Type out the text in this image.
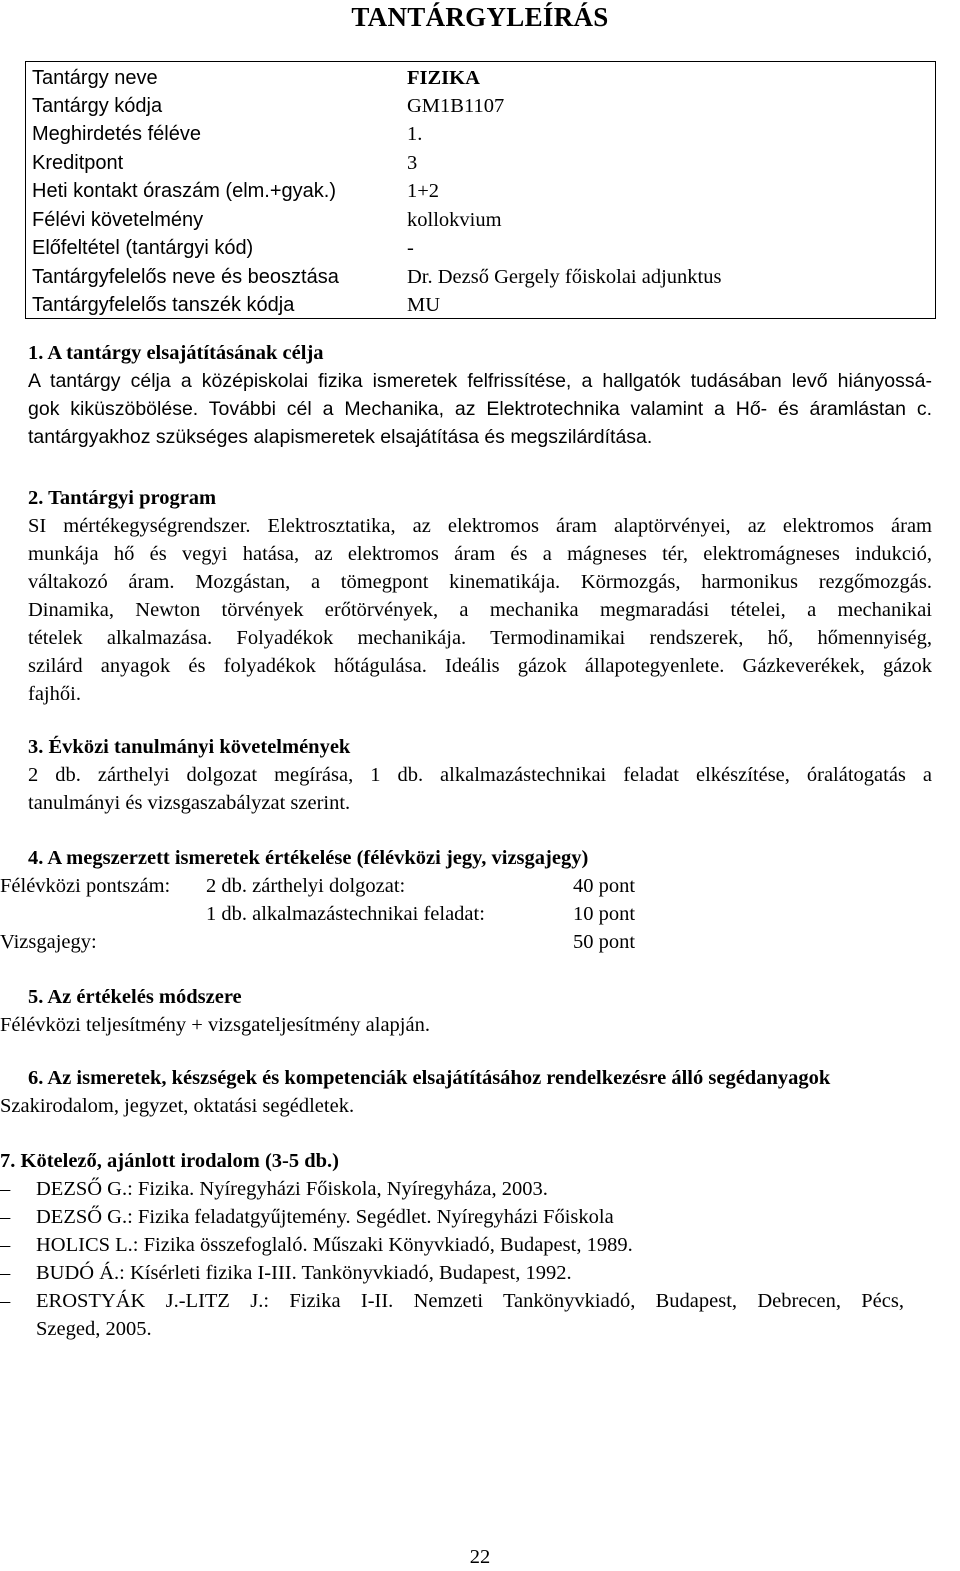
TANTÁRGYLEÍRÁS
Tantárgy neve	FIZIKA
Tantárgy kódja	GM1B1107
Meghirdetés féléve	1.
Kreditpont	3
Heti kontakt óraszám (elm.+gyak.)	1+2
Félévi követelmény	kollokvium
Előfeltétel (tantárgyi kód)	-
Tantárgyfelelős neve és beosztása	Dr. Dezső Gergely főiskolai adjunktus
Tantárgyfelelős tanszék kódja	MU
1. A tantárgy elsajátításának célja
A tantárgy célja a középiskolai fizika ismeretek felfrissítése, a hallgatók tudásában levő hiányossá-
gok kiküszöbölése. További cél a Mechanika, az Elektrotechnika valamint a Hő- és áramlástan c.
tantárgyakhoz szükséges alapismeretek elsajátítása és megszilárdítása.
2. Tantárgyi program
SI mértékegységrendszer. Elektrosztatika, az elektromos áram alaptörvényei, az elektromos áram
munkája hő és vegyi hatása, az elektromos áram és a mágneses tér, elektromágneses indukció,
váltakozó áram. Mozgástan, a tömegpont kinematikája. Körmozgás, harmonikus rezgőmozgás.
Dinamika, Newton törvények erőtörvények, a mechanika megmaradási tételei, a mechanikai
tételek alkalmazása. Folyadékok mechanikája. Termodinamikai rendszerek, hő, hőmennyiség,
szilárd anyagok és folyadékok hőtágulása. Ideális gázok állapotegyenlete. Gázkeverékek, gázok
fajhői.
3. Évközi tanulmányi követelmények
2 db. zárthelyi dolgozat megírása, 1 db. alkalmazástechnikai feladat elkészítése, óralátogatás a
tanulmányi és vizsgaszabályzat szerint.
4. A megszerzett ismeretek értékelése (félévközi jegy, vizsgajegy)
Félévközi pontszám: 2 db. zárthelyi dolgozat:	40 pont
1 db. alkalmazástechnikai feladat:	10 pont
Vizsgajegy:	50 pont
5. Az értékelés módszere
Félévközi teljesítmény + vizsgateljesítmény alapján.
6. Az ismeretek, készségek és kompetenciák elsajátításához rendelkezésre álló segédanyagok
Szakirodalom, jegyzet, oktatási segédletek.
7. Kötelező, ajánlott irodalom (3-5 db.)
–	DEZSŐ G.: Fizika. Nyíregyházi Főiskola, Nyíregyháza, 2003.
–	DEZSŐ G.: Fizika feladatgyűjtemény. Segédlet. Nyíregyházi Főiskola
–	HOLICS L.: Fizika összefoglaló. Műszaki Könyvkiadó, Budapest, 1989.
–	BUDÓ Á.: Kísérleti fizika I-III. Tankönyvkiadó, Budapest, 1992.
–	EROSTYÁK J.-LITZ J.: Fizika I-II. Nemzeti Tankönyvkiadó, Budapest, Debrecen, Pécs,
Szeged, 2005.
22
